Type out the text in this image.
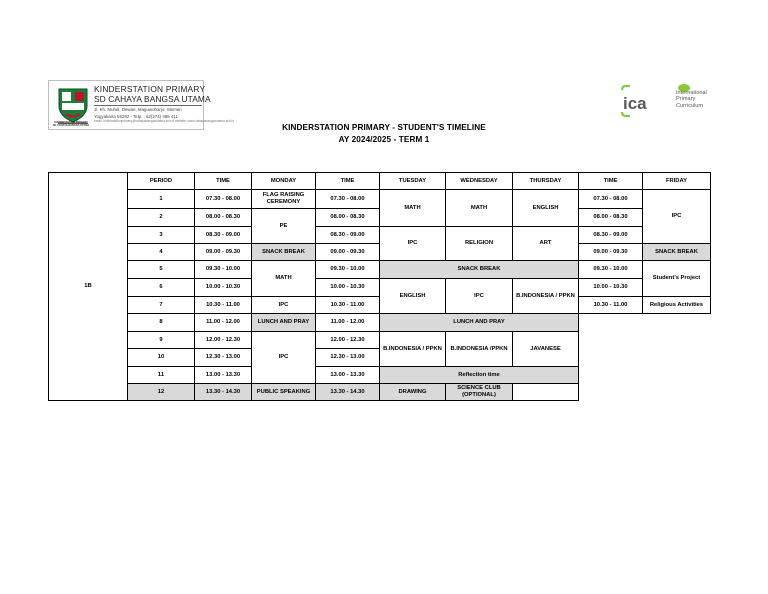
KINDERSTATION PRIMARY
SD CAHAYA BANGSA UTAMA
KINDERSTATION PRIMARY
SD CAHAYA BANGSA UTAMA
Jl. Kh. Muhdi, Dewan, Maguwoharjo, Sleman
Yogyakarta 55282 - Telp. : 62(274) 486 411
email: kinderstationprimary@cahayabangsautama.sch.id website: www.cahayabangsautama.sch.id
ica
International
Primary
Curriculum
KINDERSTATION PRIMARY - STUDENT'S TIMELINE
AY 2024/2025 - TERM 1
1B	PERIOD	TIME	MONDAY	TIME	TUESDAY	WEDNESDAY	THURSDAY	TIME	FRIDAY
	1	07.30 - 08.00	FLAG RAISING CEREMONY	07.30 - 08.00	MATH	MATH	ENGLISH	07.30 - 08.00	IPC
	2	08.00 - 08.30	PE	08.00 - 08.30				08.00 - 08.30	
	3	08.30 - 09.00		08.30 - 09.00	IPC	RELIGION	ART	08.30 - 09.00	
	4	09.00 - 09.30	SNACK BREAK	09.00 - 09.30				09.00 - 09.30	SNACK BREAK
	5	09.30 - 10.00	MATH	09.30 - 10.00	SNACK BREAK			09.30 - 10.00	Student's Project
	6	10.00 - 10.30		10.00 - 10.30	ENGLISH	IPC	B.INDONESIA / PPKN	10.00 - 10.30	
	7	10.30 - 11.00	IPC	10.30 - 11.00				10.30 - 11.00	Religious Activities
	8	11.00 - 12.00	LUNCH AND PRAY	11.00 - 12.00	LUNCH AND PRAY				
	9	12.00 - 12.30	IPC	12.00 - 12.30	B.INDONESIA / PPKN	B.INDONESIA /PPKN	JAVANESE		
	10	12.30 - 13.00		12.30 - 13.00					
	11	13.00 - 13.30		13.00 - 13.30	Reflection time				
	12	13.30 - 14.30	PUBLIC SPEAKING	13.30 - 14.30	DRAWING	SCIENCE CLUB (OPTIONAL)			
